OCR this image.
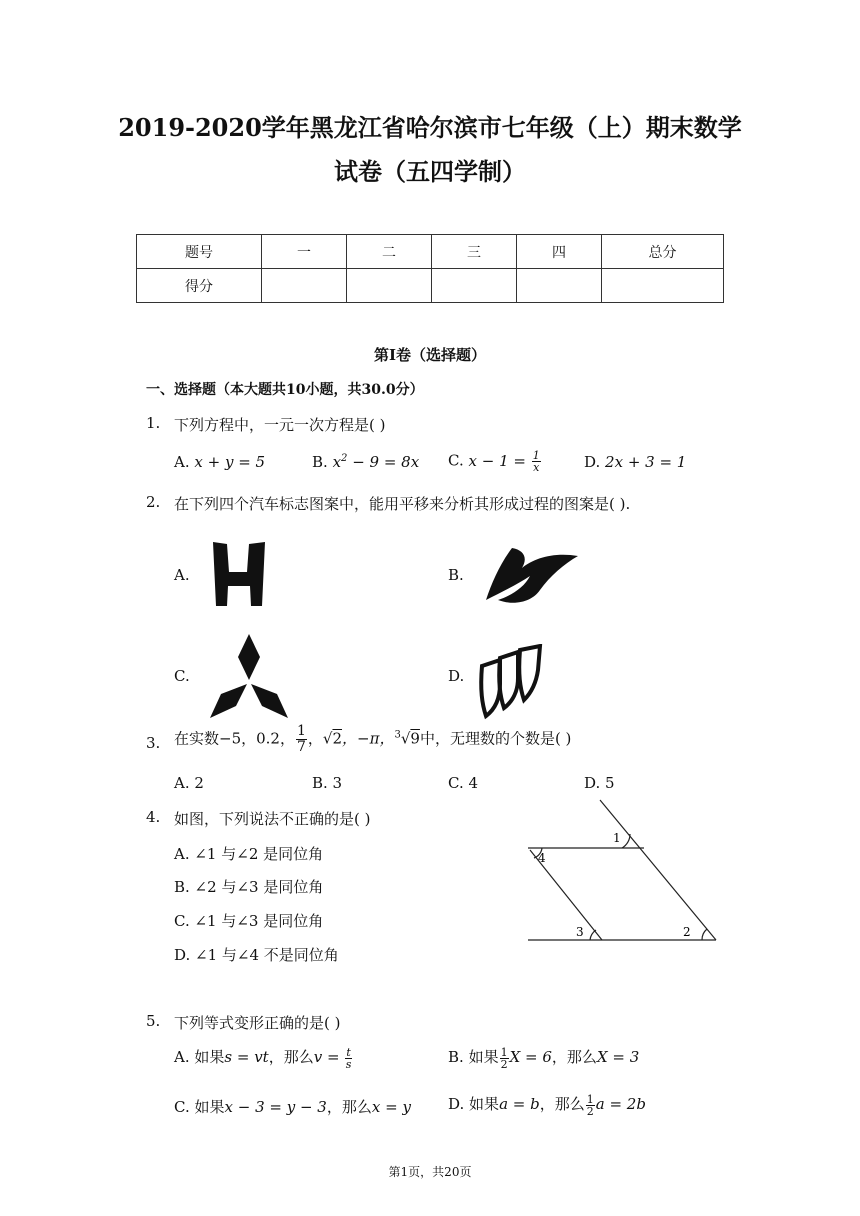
2019-2020学年黑龙江省哈尔滨市七年级（上）期末数学
试卷（五四学制）
题号	一	二	三	四	总分
得分					
第I卷（选择题）
一、选择题（本大题共10小题，共30.0分）
1. 下列方程中，一元一次方程是( )
A. x + y = 5	B. $x^2 - 9 = 8x$ C. $x - 1 = \frac{1}{x}$	D. 2x + 3 = 1
2. 在下列四个汽车标志图案中，能用平移来分析其形成过程的图案是( ).
A.	B.
C.	D.
3. 在实数−5，0.2， $\frac{1}{7}$ ，√2，−π，$^3$√9中，无理数的个数是( )
A. 2	B. 3	C. 4	D. 5
4. 如图，下列说法不正确的是( )
A. ∠1 与∠2 是同位角
B. ∠2 与∠3 是同位角
C. ∠1 与∠3 是同位角
D. ∠1 与∠4 不是同位角
1
4
3	2
5. 下列等式变形正确的是( )
A. 如果s = vt，那么$v = \frac{t}{s}$	B. 如果 $\frac{1}{2}$ X = 6，那么X = 3
C. 如果x − 3 = y − 3，那么x = y D. 如果a = b，那么 $\frac{1}{2}$ a = 2b
第1页，共20页
